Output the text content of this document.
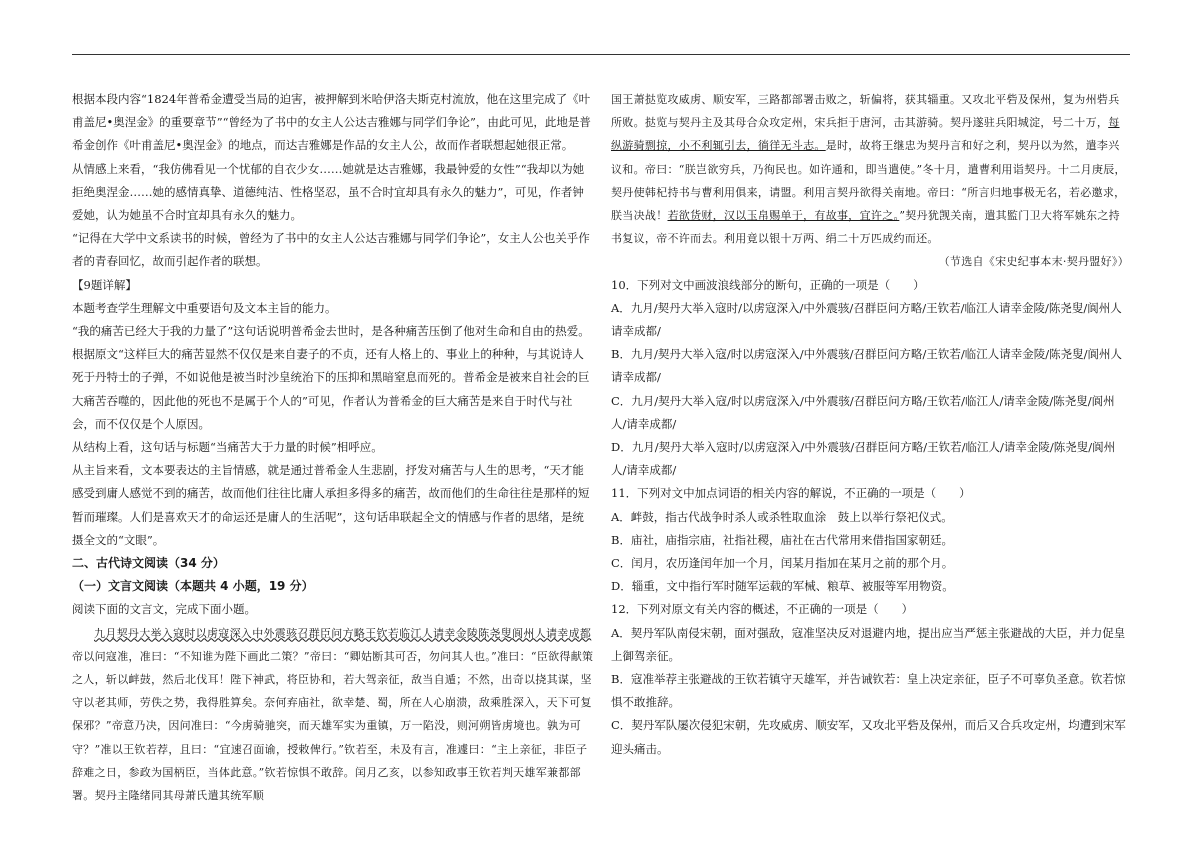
根据本段内容“1824年普希金遭受当局的迫害，被押解到米哈伊洛夫斯克村流放，他在这里完成了《叶甫盖尼•奥涅金》的重要章节”“曾经为了书中的女主人公达吉雅娜与同学们争论”，由此可见，此地是普希金创作《叶甫盖尼•奥涅金》的地点，而达吉雅娜是作品的女主人公，故而作者联想起她很正常。

从情感上来看，“我仿佛看见一个忧郁的自衣少女……她就是达吉雅娜，我最钟爱的女性”“我却以为她拒绝奥涅金……她的感情真挚、道德纯洁、性格坚忍，虽不合时宜却具有永久的魅力”，可见，作者钟爱她，认为她虽不合时宜却具有永久的魅力。

“记得在大学中文系读书的时候，曾经为了书中的女主人公达吉雅娜与同学们争论”，女主人公也关乎作者的青春回忆，故而引起作者的联想。

【9题详解】

本题考查学生理解文中重要语句及文本主旨的能力。

“我的痛苦已经大于我的力量了”这句话说明普希金去世时，是各种痛苦压倒了他对生命和自由的热爱。根据原文“这样巨大的痛苦显然不仅仅是来自妻子的不贞，还有人格上的、事业上的种种，与其说诗人死于丹特士的子弹，不如说他是被当时沙皇统治下的压抑和黑暗窒息而死的。普希金是被来自社会的巨大痛苦吞噬的，因此他的死也不是属于个人的”可见，作者认为普希金的巨大痛苦是来自于时代与社会，而不仅仅是个人原因。

从结构上看，这句话与标题“当痛苦大于力量的时候”相呼应。

从主旨来看，文本要表达的主旨情感，就是通过普希金人生悲剧，抒发对痛苦与人生的思考，“天才能感受到庸人感觉不到的痛苦，故而他们往往比庸人承担多得多的痛苦，故而他们的生命往往是那样的短暂而璀璨。人们是喜欢天才的命运还是庸人的生活呢”，这句话串联起全文的情感与作者的思绪，是统摄全文的“文眼”。

二、古代诗文阅读（34 分）

（一）文言文阅读（本题共 4 小题，19 分）

阅读下面的文言文，完成下面小题。

九月契丹大举入寇时以虏寇深入中外震骇召群臣问方略王钦若临江人请幸金陵陈尧叟阆州人请幸成都帝以问寇准，准曰：“不知谁为陛下画此二策？”帝曰：“卿姑断其可否，勿问其人也。”准曰：“臣欲得献策之人，斩以衅鼓，然后北伐耳！陛下神武，将臣协和，若大驾亲征，敌当自遁；不然，出奇以挠其谋，坚守以老其师，劳佚之势，我得胜算矣。奈何弃庙社，欲幸楚、蜀，所在人心崩溃，敌乘胜深入，天下可复保邪？”帝意乃决，因问准曰：“今虏骑驰突，而天雄军实为重镇，万一陷没，则河朔皆虏境也。孰为可守？”准以王钦若荐，且曰：“宜速召面谕，授敕俾行。”钦若至，未及有言，准遽曰：“主上亲征，非臣子辞难之日，参政为国柄臣，当体此意。”钦若惊惧不敢辞。闰月乙亥，以参知政事王钦若判天雄军兼都部署。契丹主隆绪同其母萧氏遣其统军顺

国王萧挞览攻威虏、顺安军，三路都部署击败之，斩偏将，获其辎重。又攻北平砦及保州，复为州砦兵所败。挞览与契丹主及其母合众攻定州，宋兵拒于唐河，击其游骑。契丹遂驻兵阳城淀，号二十万，每纵游骑剽掠，小不利辄引去，徜徉无斗志。是时，故将王继忠为契丹言和好之利，契丹以为然，遣李兴议和。帝曰：“朕岂欲穷兵，乃徇民也。如许通和，即当遣使。”冬十月，遣曹利用诣契丹。十二月庚辰，契丹使韩杞持书与曹利用俱来，请盟。利用言契丹欲得关南地。帝曰：“所言归地事极无名，若必邀求，朕当决战！若欲货财，汉以玉帛赐单于，有故事，宜许之。”契丹犹觊关南，遣其監门卫大将军姚东之持书复议，帝不许而去。利用竟以银十万两、绢二十万匹成约而还。

（节选自《宋史纪事本末·契丹盟好》）

10．下列对文中画波浪线部分的断句，正确的一项是（　　）

A．九月/契丹大举入寇时/以虏寇深入/中外震骇/召群臣问方略/王钦若/临江人请幸金陵/陈尧叟/阆州人请幸成都/

B．九月/契丹大举入寇/时以虏寇深入/中外震骇/召群臣问方略/王钦若/临江人请幸金陵/陈尧叟/阆州人请幸成都/

C．九月/契丹大举入寇/时以虏寇深入/中外震骇/召群臣问方略/王钦若/临江人/请幸金陵/陈尧叟/阆州人/请幸成都/

D．九月/契丹大举入寇时/以虏寇深入/中外震骇/召群臣问方略/王钦若/临江人/请幸金陵/陈尧叟/阆州人/请幸成都/

11．下列对文中加点词语的相关内容的解说，不正确的一项是（　　）

A．衅鼓，指古代战争时杀人或杀牲取血涂　鼓上以举行祭祀仪式。

B．庙社，庙指宗庙，社指社稷，庙社在古代常用来借指国家朝廷。

C．闰月，农历逢闰年加一个月，闰某月指加在某月之前的那个月。

D．辎重，文中指行军时随军运载的军械、粮草、被服等军用物资。

12．下列对原文有关内容的概述，不正确的一项是（　　）

A．契丹军队南侵宋朝，面对强敌，寇准坚决反对退避内地，提出应当严惩主张避战的大臣，并力促皇上御驾亲征。

B．寇准举荐主张避战的王钦若镇守天雄军，并告诫钦若：皇上决定亲征，臣子不可辜负圣意。钦若惊惧不敢推辞。

C．契丹军队屡次侵犯宋朝，先攻威虏、顺安军，又攻北平砦及保州，而后又合兵攻定州，均遭到宋军迎头痛击。
